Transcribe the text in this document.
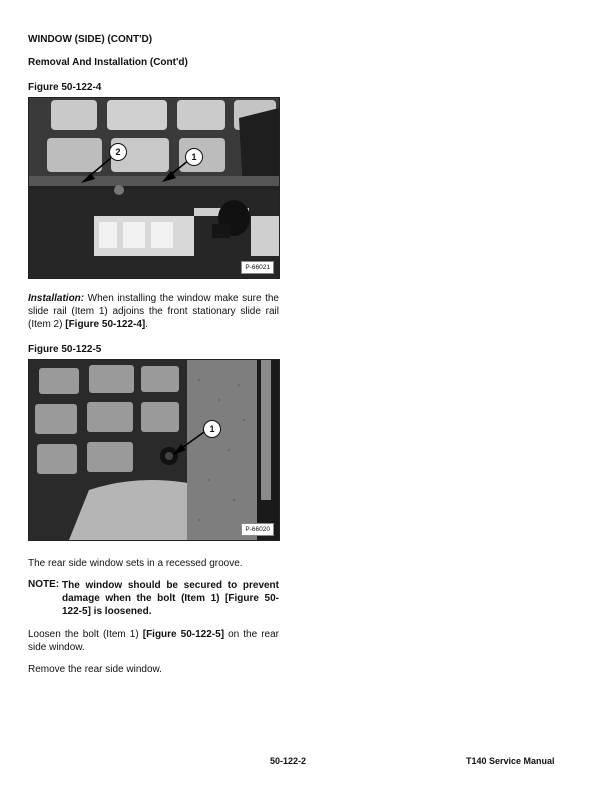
WINDOW (SIDE) (CONT'D)
Removal And Installation (Cont'd)
Figure 50-122-4
2	1
P-66021
Installation: When installing the window make sure the slide rail (Item 1) adjoins the front stationary slide rail (Item 2) [Figure 50-122-4].
Figure 50-122-5
1
P-66020
The rear side window sets in a recessed groove.
NOTE: The window should be secured to prevent damage when the bolt (Item 1) [Figure 50-122-5] is loosened.
Loosen the bolt (Item 1) [Figure 50-122-5] on the rear side window.
Remove the rear side window.
50-122-2	T140 Service Manual
